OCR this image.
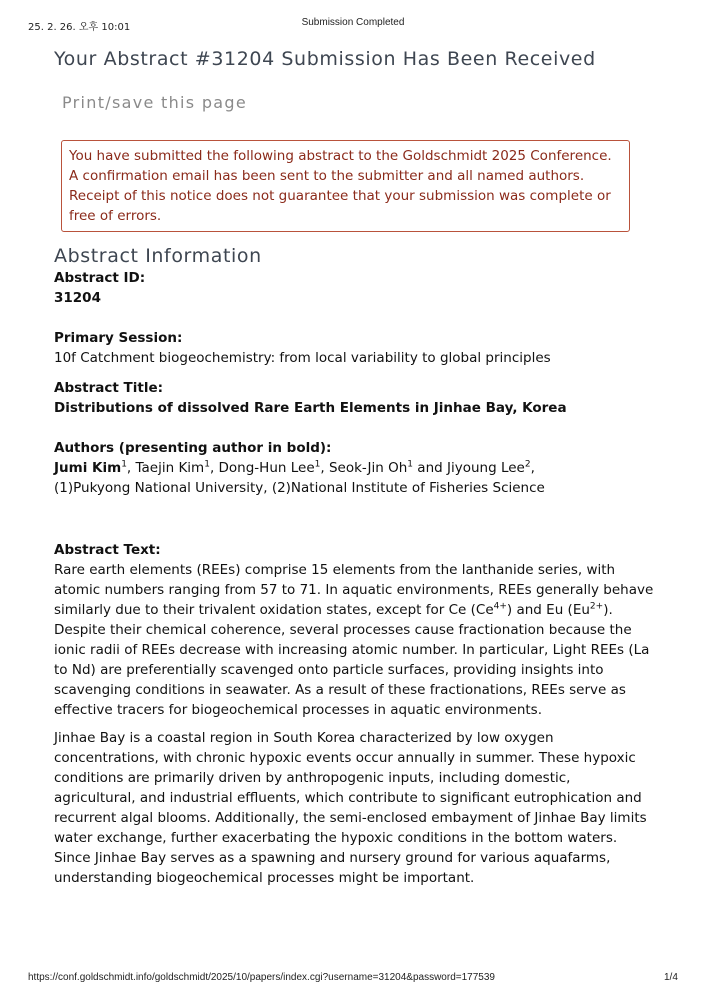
25. 2. 26. 오후 10:01	Submission Completed
Your Abstract #31204 Submission Has Been Received
Print/save this page
You have submitted the following abstract to the Goldschmidt 2025 Conference. A confirmation email has been sent to the submitter and all named authors. Receipt of this notice does not guarantee that your submission was complete or free of errors.
Abstract Information
Abstract ID:
31204
Primary Session:
10f Catchment biogeochemistry: from local variability to global principles
Abstract Title:
Distributions of dissolved Rare Earth Elements in Jinhae Bay, Korea
Authors (presenting author in bold):
Jumi Kim$^1$, Taejin Kim$^1$, Dong-Hun Lee$^1$, Seok-Jin Oh$^1$ and Jiyoung Lee$^2$,
(1)Pukyong National University, (2)National Institute of Fisheries Science
Abstract Text:

Rare earth elements (REEs) comprise 15 elements from the lanthanide series, with atomic numbers ranging from 57 to 71. In aquatic environments, REEs generally behave similarly due to their trivalent oxidation states, except for Ce $(Ce^{4+})$ and Eu $(Eu^{2+})$. Despite their chemical coherence, several processes cause fractionation because the ionic radii of REEs decrease with increasing atomic number. In particular, Light REEs (La to Nd) are preferentially scavenged onto particle surfaces, providing insights into scavenging conditions in seawater. As a result of these fractionations, REEs serve as effective tracers for biogeochemical processes in aquatic environments.

Jinhae Bay is a coastal region in South Korea characterized by low oxygen concentrations, with chronic hypoxic events occur annually in summer. These hypoxic conditions are primarily driven by anthropogenic inputs, including domestic, agricultural, and industrial effluents, which contribute to significant eutrophication and recurrent algal blooms. Additionally, the semi-enclosed embayment of Jinhae Bay limits water exchange, further exacerbating the hypoxic conditions in the bottom waters. Since Jinhae Bay serves as a spawning and nursery ground for various aquafarms, understanding biogeochemical processes might be important.

https://conf.goldschmidt.info/goldschmidt/2025/10/papers/index.cgi?username=31204&password=177539	1/4
